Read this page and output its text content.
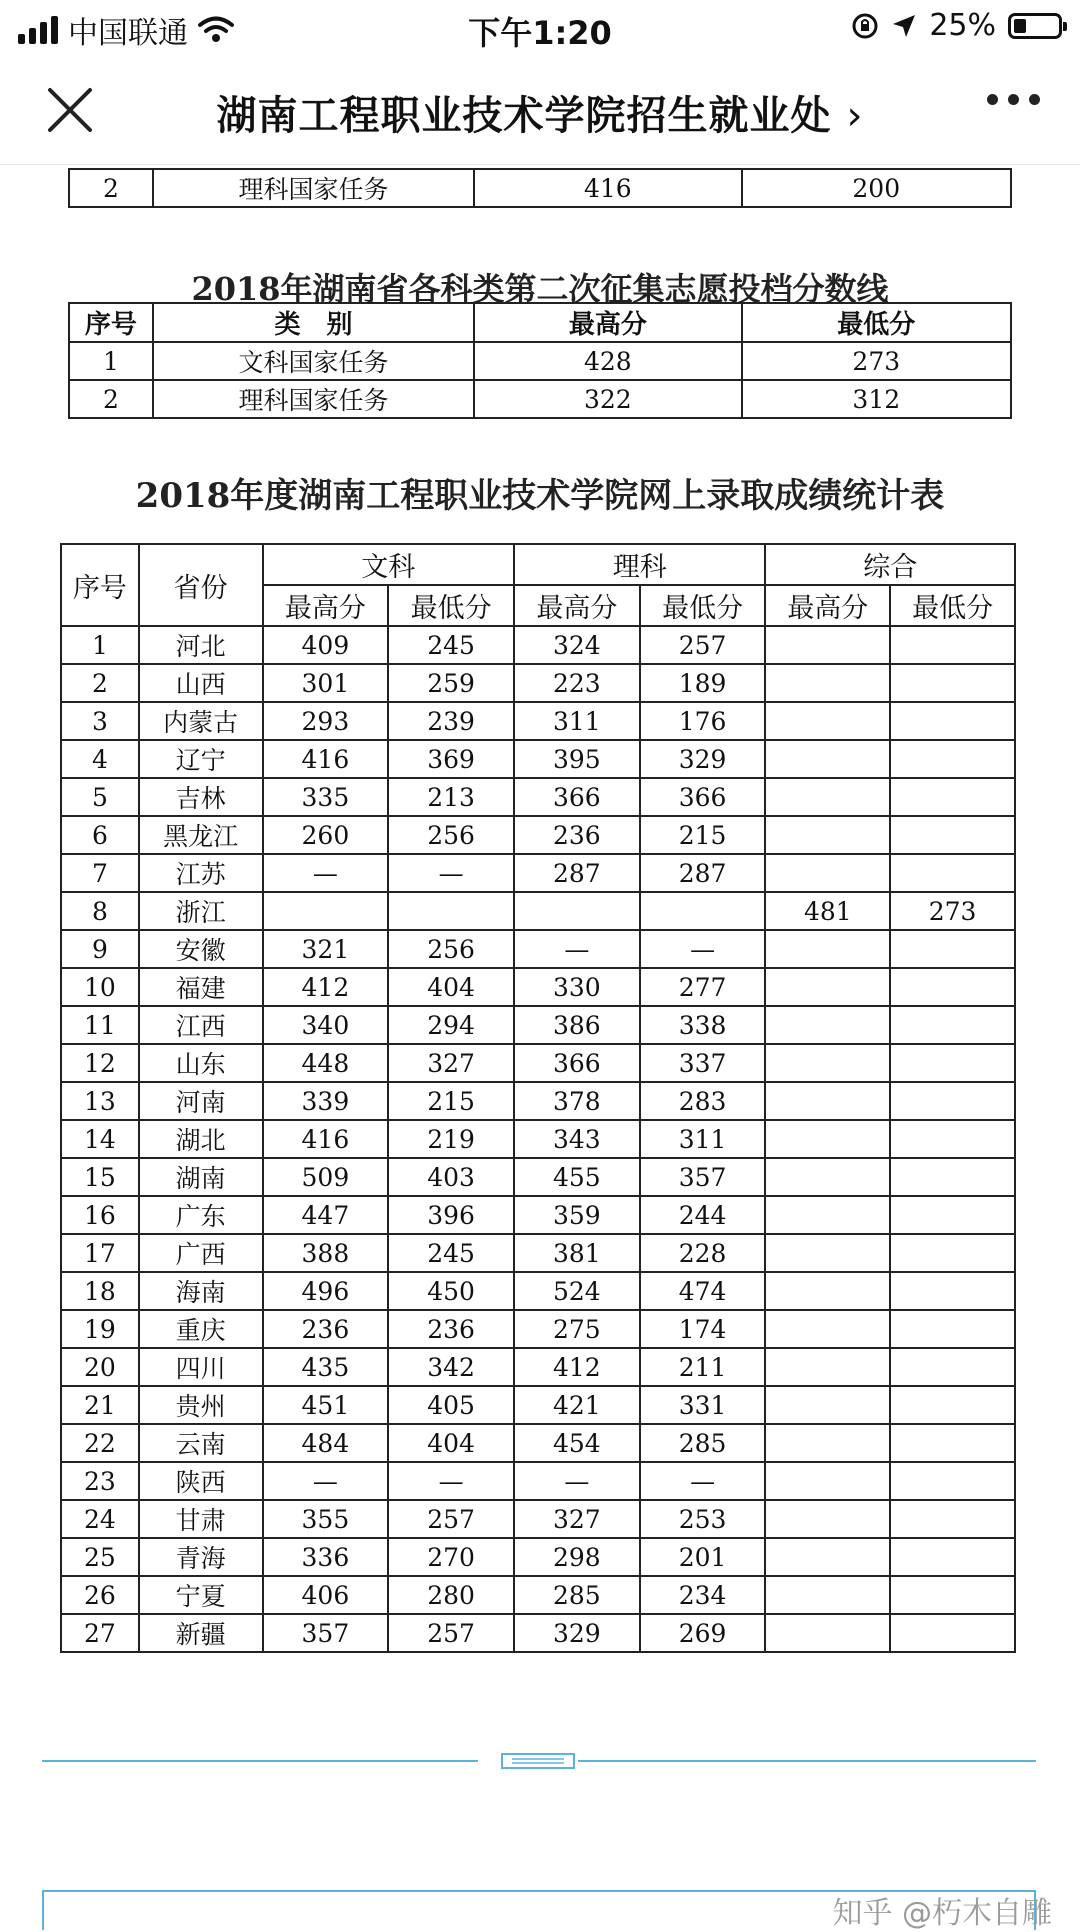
中国联通	下午1:20	25%
湖南工程职业技术学院招生就业处 ›
2	理科国家任务	416	200
2018年湖南省各科类第二次征集志愿投档分数线
序号	类　别	最高分	最低分
1	文科国家任务	428	273
2	理科国家任务	322	312
2018年度湖南工程职业技术学院网上录取成绩统计表
序号	省份	文科		理科		综合	
		最高分	最低分	最高分	最低分	最高分	最低分
1	河北	409	245	324	257		
2	山西	301	259	223	189		
3	内蒙古	293	239	311	176		
4	辽宁	416	369	395	329		
5	吉林	335	213	366	366		
6	黑龙江	260	256	236	215		
7	江苏	—	—	287	287		
8	浙江					481	273
9	安徽	321	256	—	—		
10	福建	412	404	330	277		
11	江西	340	294	386	338		
12	山东	448	327	366	337		
13	河南	339	215	378	283		
14	湖北	416	219	343	311		
15	湖南	509	403	455	357		
16	广东	447	396	359	244		
17	广西	388	245	381	228		
18	海南	496	450	524	474		
19	重庆	236	236	275	174		
20	四川	435	342	412	211		
21	贵州	451	405	421	331		
22	云南	484	404	454	285		
23	陕西	—	—	—	—		
24	甘肃	355	257	327	253		
25	青海	336	270	298	201		
26	宁夏	406	280	285	234		
27	新疆	357	257	329	269		
知乎 @朽木自雕
